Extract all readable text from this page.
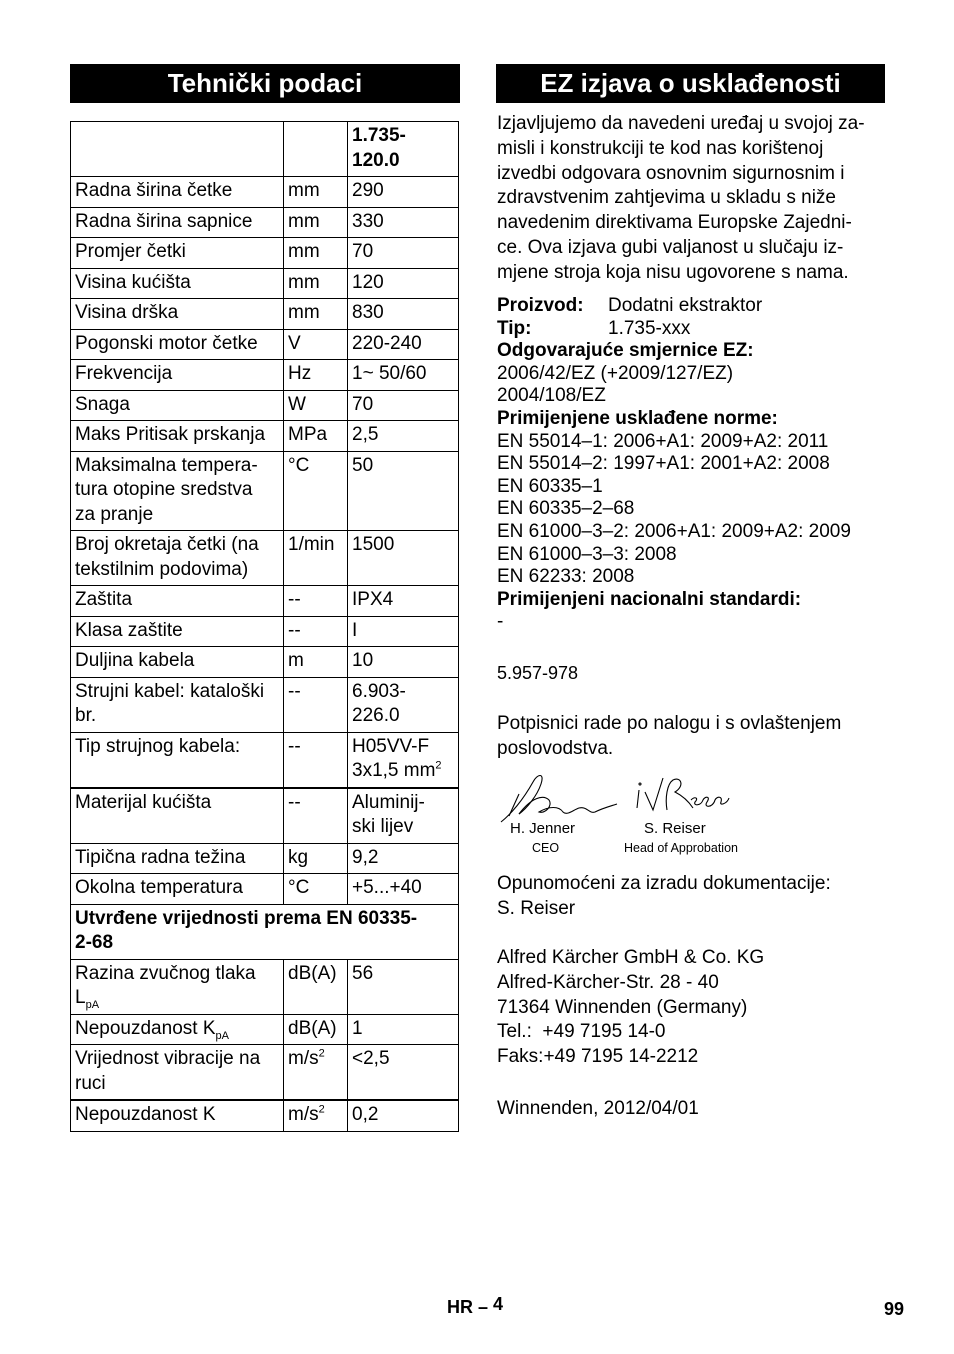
Tehnički podaci	EZ izjava o usklađenosti
		1.735-
120.0
Radna širina četke	mm	290
Radna širina sapnice	mm	330
Promjer četki	mm	70
Visina kućišta	mm	120
Visina drška	mm	830
Pogonski motor četke	V	220-240
Frekvencija	Hz	1~ 50/60
Snaga	W	70
Maks Pritisak prskanja	MPa	2,5
Maksimalna tempera-
tura otopine sredstva
za pranje	°C	50
Broj okretaja četki (na
tekstilnim podovima)	1/min	1500
Zaštita	--	IPX4
Klasa zaštite	--	I
Duljina kabela	m	10
Strujni kabel: kataloški
br.	--	6.903-
226.0
Tip strujnog kabela:	--	H05VV-F
3x1,5 $mm^2$
Materijal kućišta	--	Aluminij-
ski lijev
Tipična radna težina	kg	9,2
Okolna temperatura	°C	+5...+40
Utvrđene vrijednosti prema EN 60335-
2-68		
Razina zvučnog tlaka
$L_{pA}$	dB(A)	56
Nepouzdanost $K_{pA}$	dB(A)	1
Vrijednost vibracije na
ruci	$m/s^2$	<2,5
Nepouzdanost K	$m/s^2$	0,2
Izjavljujemo da navedeni uređaj u svojoj za-
misli i konstrukciji te kod nas korištenoj
izvedbi odgovara osnovnim sigurnosnim i
zdravstvenim zahtjevima u skladu s niže
navedenim direktivama Europske Zajedni-
ce. Ova izjava gubi valjanost u slučaju iz-
mjene stroja koja nisu ugovorene s nama.
Proizvod:	Dodatni ekstraktor
Tip:	1.735-xxx
Odgovarajuće smjernice EZ:
2006/42/EZ (+2009/127/EZ)
2004/108/EZ
Primijenjene usklađene norme:
EN 55014–1: 2006+A1: 2009+A2: 2011
EN 55014–2: 1997+A1: 2001+A2: 2008
EN 60335–1
EN 60335–2–68
EN 61000–3–2: 2006+A1: 2009+A2: 2009
EN 61000–3–3: 2008
EN 62233: 2008
Primijenjeni nacionalni standardi:
-
5.957-978
Potpisnici rade po nalogu i s ovlaštenjem
poslovodstva.
H. Jenner
CEO
S. Reiser
Head of Approbation
Opunomoćeni za izradu dokumentacije:
S. Reiser
Alfred Kärcher GmbH & Co. KG
Alfred-Kärcher-Str. 28 - 40
71364 Winnenden (Germany)
Tel.:  +49 7195 14-0
Faks:+49 7195 14-2212
Winnenden, 2012/04/01
HR – 4	99
